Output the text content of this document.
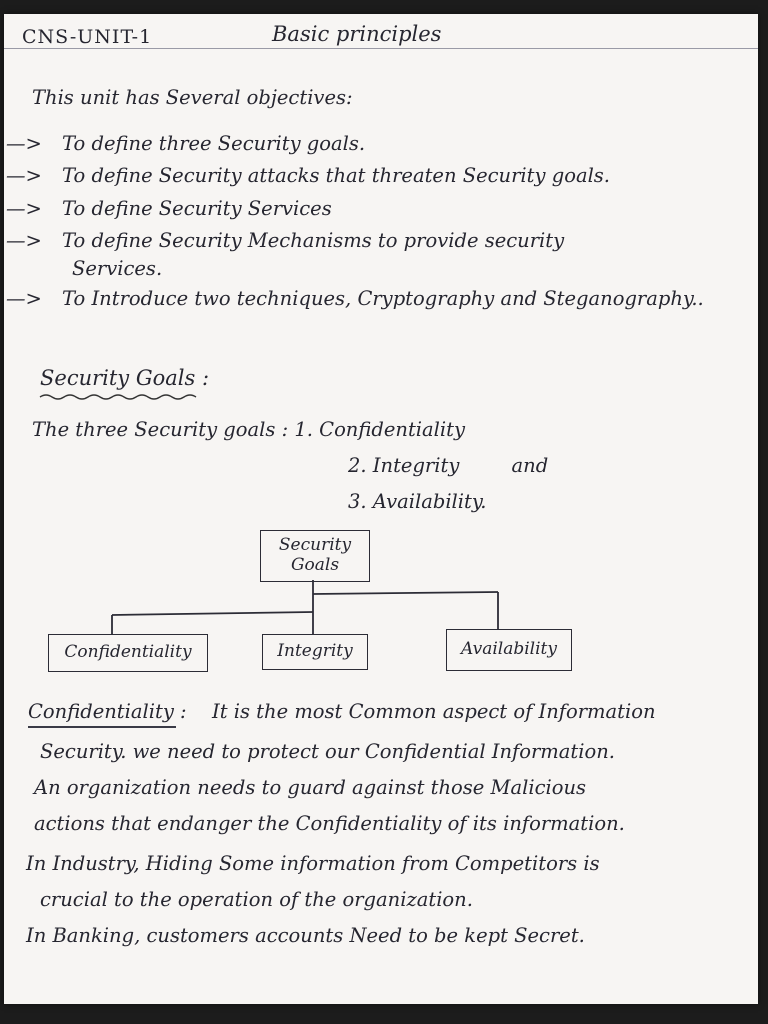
CNS-UNIT-1	Basic principles
This unit has Several objectives:
—> To define three Security goals.
—> To define Security attacks that threaten Security goals.
—> To define Security Services
—> To define Security Mechanisms to provide security
Services.
—> To Introduce two techniques, Cryptography and Steganography..
Security Goals :
The three Security goals : 1. Confidentiality
2. Integrity	and
3. Availability.
Security
Goals
Confidentiality	Integrity	Availability
Confidentiality : It is the most Common aspect of Information
Security. we need to protect our Confidential Information.
An organization needs to guard against those Malicious
actions that endanger the Confidentiality of its information.
In Industry, Hiding Some information from Competitors is
crucial to the operation of the organization.
In Banking, customers accounts Need to be kept Secret.
